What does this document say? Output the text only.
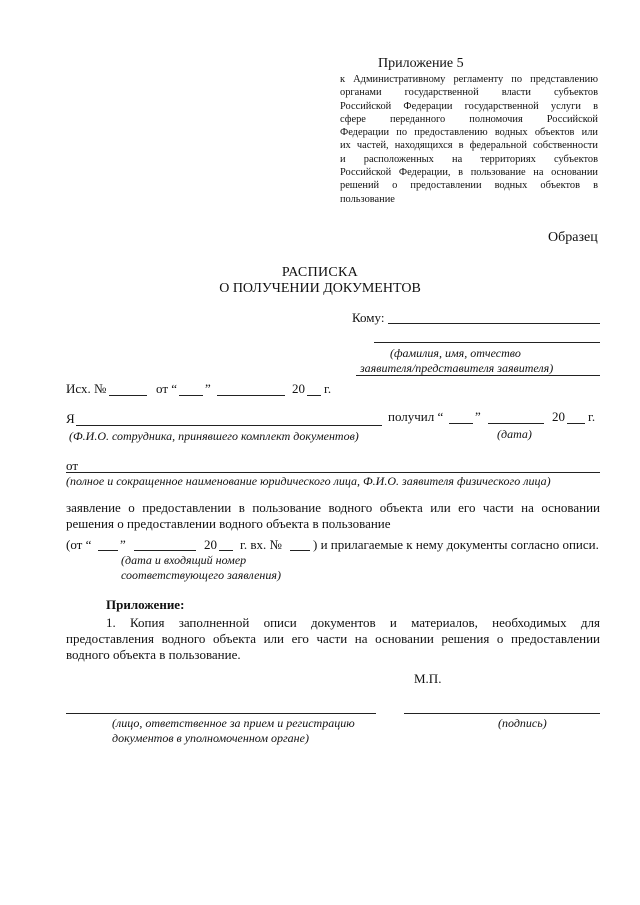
Приложение 5
к Административному регламенту по представлению
органами государственной власти субъектов
Российской Федерации государственной услуги в
сфере переданного полномочия Российской
Федерации по предоставлению водных объектов или
их частей, находящихся в федеральной собственности
и расположенных на территориях субъектов
Российской Федерации, в пользование на основании
решений о предоставлении водных объектов в
пользование
Образец
РАСПИСКА
О ПОЛУЧЕНИИ ДОКУМЕНТОВ
Кому:
(фамилия, имя, отчество
заявителя/представителя заявителя)
Исх. №	от “ ”	20 г.
Я	получил “ ”	20 г.
(Ф.И.О. сотрудника, принявшего комплект документов)	(дата)
от
(полное и сокращенное наименование юридического лица, Ф.И.О. заявителя физического лица)
заявление о предоставлении в пользование водного объекта или его части на основании
решения о предоставлении водного объекта в пользование
(от “ ”	20 г. вх. № ) и прилагаемые к нему документы согласно описи.
(дата и входящий номер
соответствующего заявления)
Приложение:
1. Копия заполненной описи документов и материалов, необходимых для
предоставления водного объекта или его части на основании решения о предоставлении
водного объекта в пользование.
М.П.
(лицо, ответственное за прием и регистрацию
документов в уполномоченном органе)
(подпись)
